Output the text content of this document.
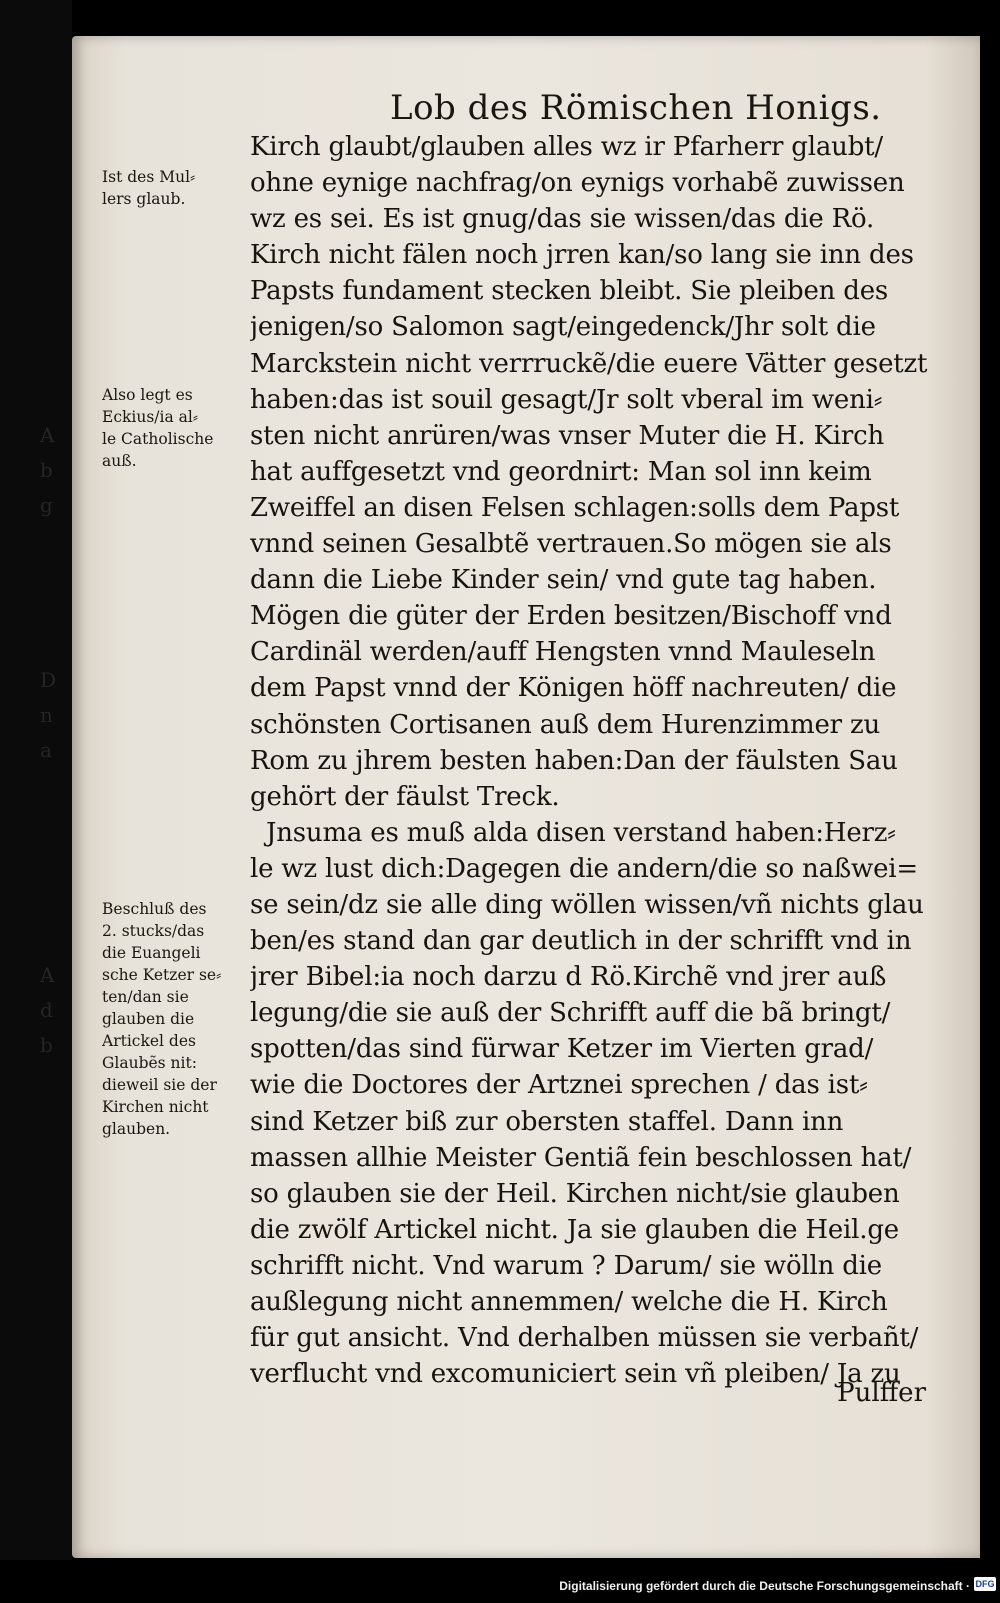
A
b
g
D
n
a
A
d
b
Lob des Römischen Honigs.
Ist des Mul⸗
lers glaub.
Also legt es
Eckius/ia al⸗
le Catholische
auß.
Beschluß des
2. stucks/das
die Euangeli
sche Ketzer se⸗
ten/dan sie
glauben die
Artickel des
Glaubẽs nit:
dieweil sie der
Kirchen nicht
glauben.
Kirch glaubt/glauben alles wz ir Pfarherr glaubt/
ohne eynige nachfrag/on eynigs vorhabẽ zuwissen
wz es sei. Es ist gnug/das sie wissen/das die Rö.
Kirch nicht fälen noch jrren kan/so lang sie inn des
Papsts fundament stecken bleibt. Sie pleiben des
jenigen/so Salomon sagt/eingedenck/Jhr solt die
Marckstein nicht verrruckẽ/die euere Vätter gesetzt
haben:das ist souil gesagt/Jr solt vberal im weni⸗
sten nicht anrüren/was vnser Muter die H. Kirch
hat auffgesetzt vnd geordnirt: Man sol inn keim
Zweiffel an disen Felsen schlagen:solls dem Papst
vnnd seinen Gesalbtẽ vertrauen.So mögen sie als
dann die Liebe Kinder sein/ vnd gute tag haben.
Mögen die güter der Erden besitzen/Bischoff vnd
Cardinäl werden/auff Hengsten vnnd Mauleseln
dem Papst vnnd der Königen höff nachreuten/ die
schönsten Cortisanen auß dem Hurenzimmer zu
Rom zu jhrem besten haben:Dan der fäulsten Sau
gehört der fäulst Treck.
Jnsuma es muß alda disen verstand haben:Herz⸗
le wz lust dich:Dagegen die andern/die so naßwei=
se sein/dz sie alle ding wöllen wissen/vñ nichts glau
ben/es stand dan gar deutlich in der schrifft vnd in
jrer Bibel:ia noch darzu d Rö.Kirchẽ vnd jrer auß
legung/die sie auß der Schrifft auff die bã bringt/
spotten/das sind fürwar Ketzer im Vierten grad/
wie die Doctores der Artznei sprechen / das ist⸗
sind Ketzer biß zur obersten staffel. Dann inn
massen allhie Meister Gentiã fein beschlossen hat/
so glauben sie der Heil. Kirchen nicht/sie glauben
die zwölf Artickel nicht. Ja sie glauben die Heil.ge
schrifft nicht. Vnd warum ? Darum/ sie wölln die
außlegung nicht annemmen/ welche die H. Kirch
für gut ansicht. Vnd derhalben müssen sie verbañt/
verflucht vnd excomuniciert sein vñ pleiben/ Ja zu
Pulffer
Digitalisierung gefördert durch die Deutsche Forschungsgemeinschaft · DFG
